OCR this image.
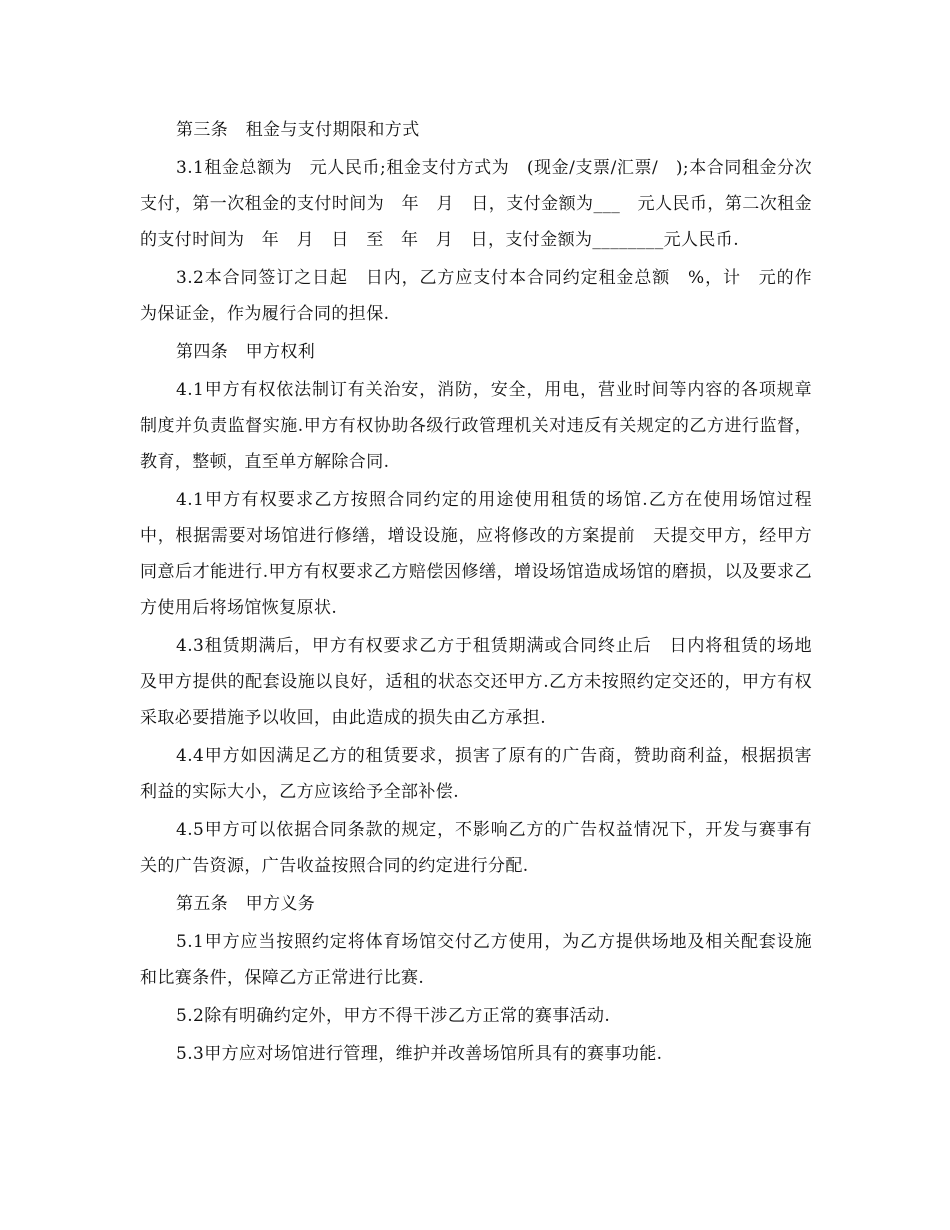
第三条　租金与支付期限和方式

3.1租金总额为　元人民币;租金支付方式为　(现金/支票/汇票/　);本合同租金分次支付，第一次租金的支付时间为　年　月　日，支付金额为___　元人民币，第二次租金的支付时间为　年　月　日　至　年　月　日，支付金额为________元人民币.

3.2本合同签订之日起　日内，乙方应支付本合同约定租金总额　%，计　元的作为保证金，作为履行合同的担保.

第四条　甲方权利

4.1甲方有权依法制订有关治安，消防，安全，用电，营业时间等内容的各项规章制度并负责监督实施.甲方有权协助各级行政管理机关对违反有关规定的乙方进行监督，教育，整顿，直至单方解除合同.

4.1甲方有权要求乙方按照合同约定的用途使用租赁的场馆.乙方在使用场馆过程中，根据需要对场馆进行修缮，增设设施，应将修改的方案提前　天提交甲方，经甲方同意后才能进行.甲方有权要求乙方赔偿因修缮，增设场馆造成场馆的磨损，以及要求乙方使用后将场馆恢复原状.

4.3租赁期满后，甲方有权要求乙方于租赁期满或合同终止后　日内将租赁的场地及甲方提供的配套设施以良好，适租的状态交还甲方.乙方未按照约定交还的，甲方有权采取必要措施予以收回，由此造成的损失由乙方承担.

4.4甲方如因满足乙方的租赁要求，损害了原有的广告商，赞助商利益，根据损害利益的实际大小，乙方应该给予全部补偿.

4.5甲方可以依据合同条款的规定，不影响乙方的广告权益情况下，开发与赛事有关的广告资源，广告收益按照合同的约定进行分配.

第五条　甲方义务

5.1甲方应当按照约定将体育场馆交付乙方使用，为乙方提供场地及相关配套设施和比赛条件，保障乙方正常进行比赛.

5.2除有明确约定外，甲方不得干涉乙方正常的赛事活动.

5.3甲方应对场馆进行管理，维护并改善场馆所具有的赛事功能.
